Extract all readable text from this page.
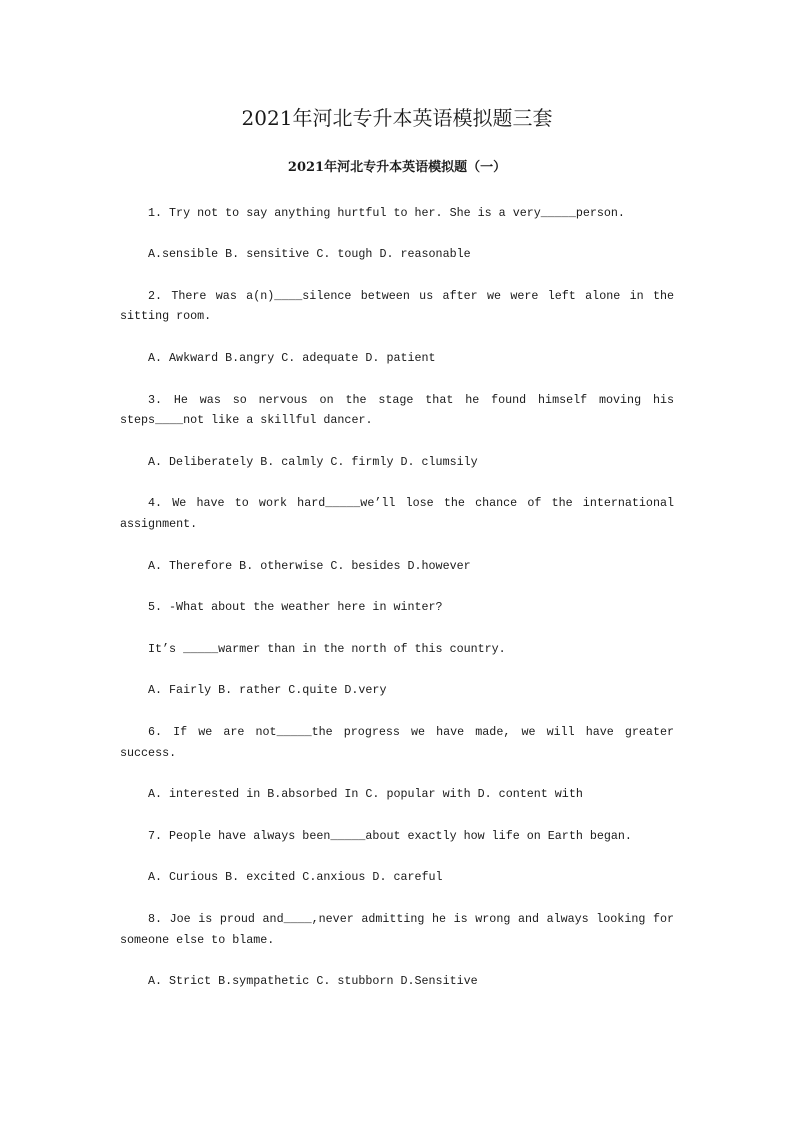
2021年河北专升本英语模拟题三套
2021年河北专升本英语模拟题（一）

1. Try not to say anything hurtful to her. She is a very_____person.

A.sensible B. sensitive C. tough D. reasonable

2. There was a(n)____silence between us after we were left alone in the sitting room.

A. Awkward B.angry C. adequate D. patient

3. He was so nervous on the stage that he found himself moving his steps____not like a skillful dancer.

A. Deliberately B. calmly C. firmly D. clumsily

4. We have to work hard_____we’ll lose the chance of the international assignment.

A. Therefore B. otherwise C. besides D.however

5. -What about the weather here in winter?

It’s _____warmer than in the north of this country.

A. Fairly B. rather C.quite D.very

6. If we are not_____the progress we have made, we will have greater success.

A. interested in B.absorbed In C. popular with D. content with

7. People have always been_____about exactly how life on Earth began.

A. Curious B. excited C.anxious D. careful

8. Joe is proud and____,never admitting he is wrong and always looking for someone else to blame.

A. Strict B.sympathetic C. stubborn D.Sensitive
